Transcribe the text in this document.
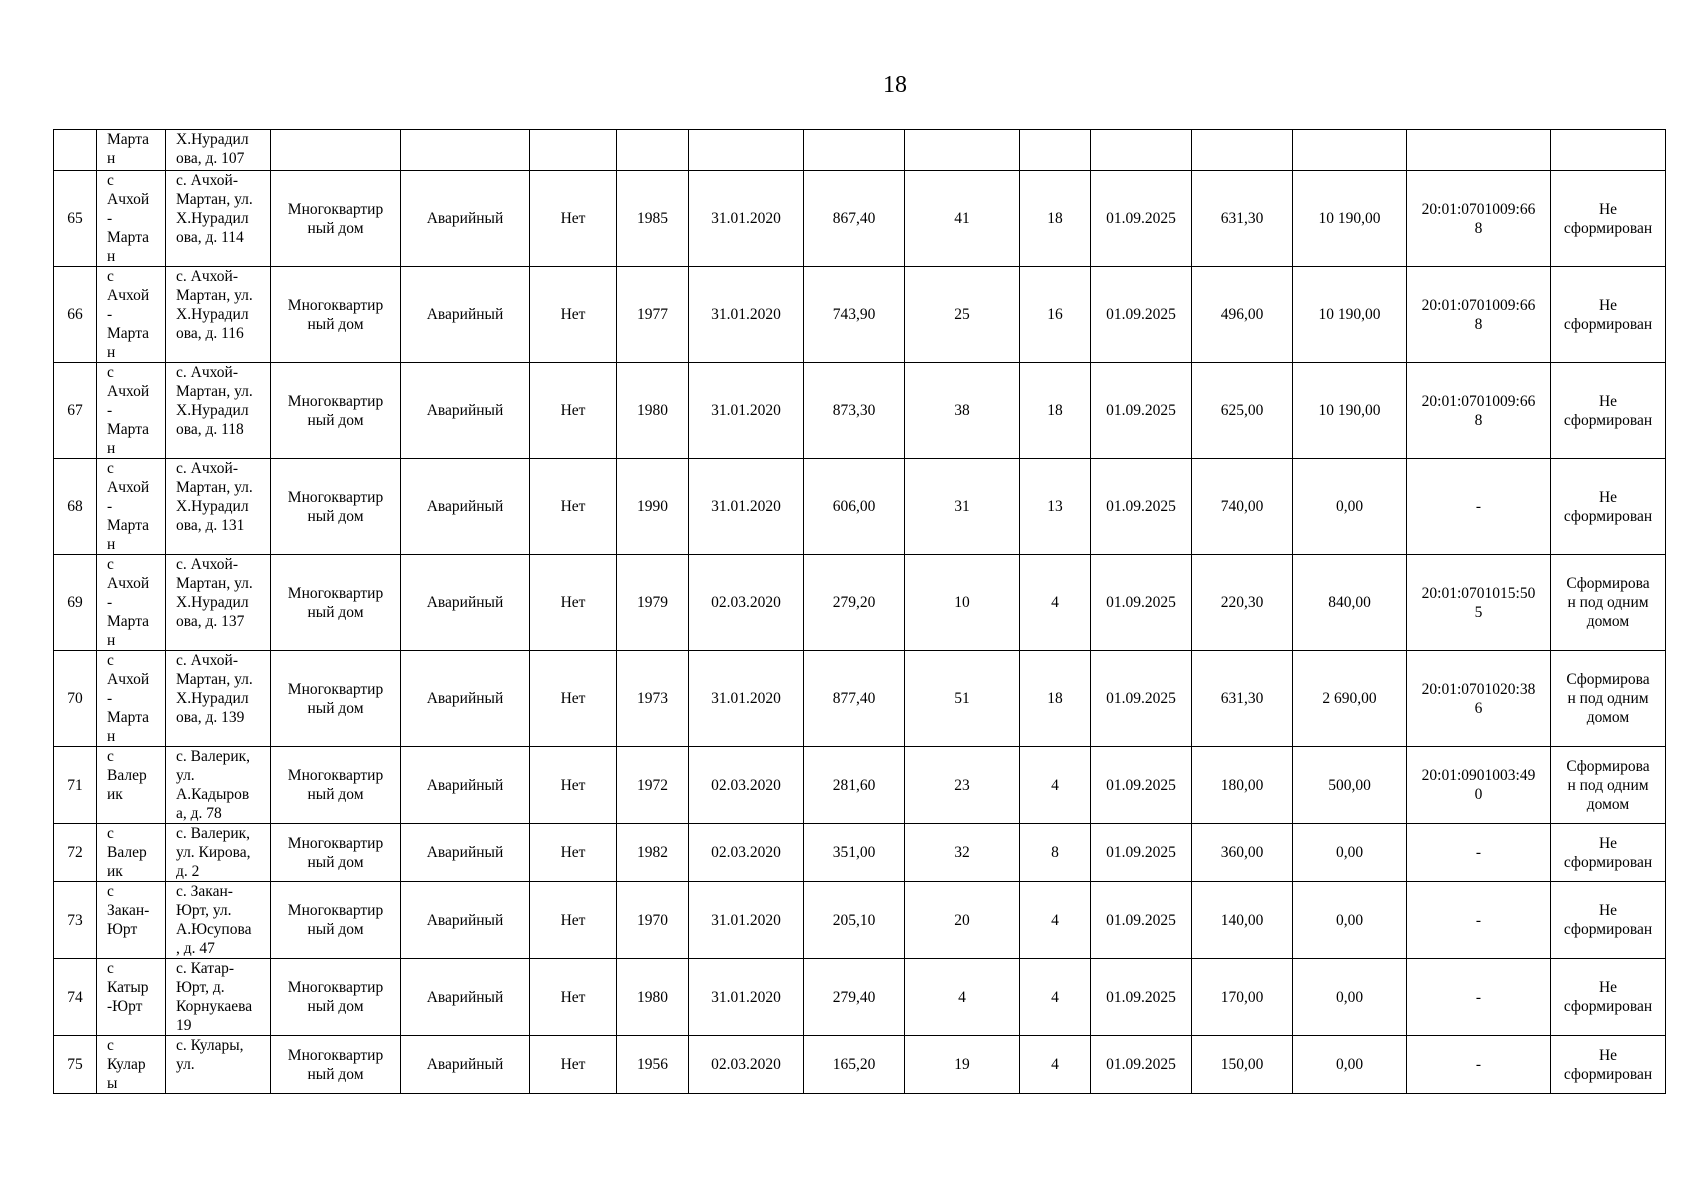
18
	Марта
н	Х.Нурадил
ова, д. 107													
65	с
Ачхой
-
Марта
н	с. Ачхой-
Мартан, ул.
Х.Нурадил
ова, д. 114	Многоквартир
ный дом	Аварийный	Нет	1985	31.01.2020	867,40	41	18	01.09.2025	631,30	10 190,00	20:01:0701009:66
8	Не
сформирован
66	с
Ачхой
-
Марта
н	с. Ачхой-
Мартан, ул.
Х.Нурадил
ова, д. 116	Многоквартир
ный дом	Аварийный	Нет	1977	31.01.2020	743,90	25	16	01.09.2025	496,00	10 190,00	20:01:0701009:66
8	Не
сформирован
67	с
Ачхой
-
Марта
н	с. Ачхой-
Мартан, ул.
Х.Нурадил
ова, д. 118	Многоквартир
ный дом	Аварийный	Нет	1980	31.01.2020	873,30	38	18	01.09.2025	625,00	10 190,00	20:01:0701009:66
8	Не
сформирован
68	с
Ачхой
-
Марта
н	с. Ачхой-
Мартан, ул.
Х.Нурадил
ова, д. 131	Многоквартир
ный дом	Аварийный	Нет	1990	31.01.2020	606,00	31	13	01.09.2025	740,00	0,00	-	Не
сформирован
69	с
Ачхой
-
Марта
н	с. Ачхой-
Мартан, ул.
Х.Нурадил
ова, д. 137	Многоквартир
ный дом	Аварийный	Нет	1979	02.03.2020	279,20	10	4	01.09.2025	220,30	840,00	20:01:0701015:50
5	Сформирова
н под одним
домом
70	с
Ачхой
-
Марта
н	с. Ачхой-
Мартан, ул.
Х.Нурадил
ова, д. 139	Многоквартир
ный дом	Аварийный	Нет	1973	31.01.2020	877,40	51	18	01.09.2025	631,30	2 690,00	20:01:0701020:38
6	Сформирова
н под одним
домом
71	с
Валер
ик	с. Валерик,
ул.
А.Кадыров
а, д. 78	Многоквартир
ный дом	Аварийный	Нет	1972	02.03.2020	281,60	23	4	01.09.2025	180,00	500,00	20:01:0901003:49
0	Сформирова
н под одним
домом
72	с
Валер
ик	с. Валерик,
ул. Кирова,
д. 2	Многоквартир
ный дом	Аварийный	Нет	1982	02.03.2020	351,00	32	8	01.09.2025	360,00	0,00	-	Не
сформирован
73	с
Закан-
Юрт	с. Закан-
Юрт, ул.
А.Юсупова
, д. 47	Многоквартир
ный дом	Аварийный	Нет	1970	31.01.2020	205,10	20	4	01.09.2025	140,00	0,00	-	Не
сформирован
74	с
Катыр
-Юрт	с. Катар-
Юрт, д.
Корнукаева
19	Многоквартир
ный дом	Аварийный	Нет	1980	31.01.2020	279,40	4	4	01.09.2025	170,00	0,00	-	Не
сформирован
75	с
Кулар
ы	с. Кулары,
ул.	Многоквартир
ный дом	Аварийный	Нет	1956	02.03.2020	165,20	19	4	01.09.2025	150,00	0,00	-	Не
сформирован
